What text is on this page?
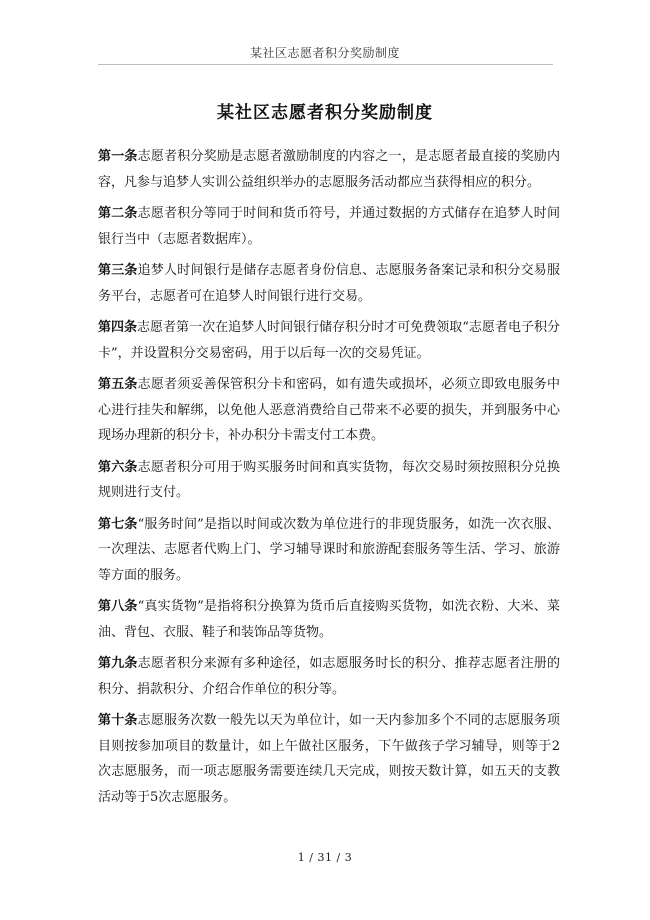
某社区志愿者积分奖励制度
某社区志愿者积分奖励制度

第一条志愿者积分奖励是志愿者激励制度的内容之一，是志愿者最直接的奖励内容，凡参与追梦人实训公益组织举办的志愿服务活动都应当获得相应的积分。

第二条志愿者积分等同于时间和货币符号，并通过数据的方式储存在追梦人时间银行当中（志愿者数据库）。

第三条追梦人时间银行是储存志愿者身份信息、志愿服务备案记录和积分交易服务平台，志愿者可在追梦人时间银行进行交易。

第四条志愿者第一次在追梦人时间银行储存积分时才可免费领取“志愿者电子积分卡”，并设置积分交易密码，用于以后每一次的交易凭证。

第五条志愿者须妥善保管积分卡和密码，如有遗失或损坏，必须立即致电服务中心进行挂失和解绑，以免他人恶意消费给自己带来不必要的损失，并到服务中心现场办理新的积分卡，补办积分卡需支付工本费。

第六条志愿者积分可用于购买服务时间和真实货物，每次交易时须按照积分兑换规则进行支付。

第七条“服务时间”是指以时间或次数为单位进行的非现货服务，如洗一次衣服、一次理法、志愿者代购上门、学习辅导课时和旅游配套服务等生活、学习、旅游等方面的服务。

第八条“真实货物”是指将积分换算为货币后直接购买货物，如洗衣粉、大米、菜油、背包、衣服、鞋子和装饰品等货物。

第九条志愿者积分来源有多种途径，如志愿服务时长的积分、推荐志愿者注册的积分、捐款积分、介绍合作单位的积分等。

第十条志愿服务次数一般先以天为单位计，如一天内参加多个不同的志愿服务项目则按参加项目的数量计，如上午做社区服务，下午做孩子学习辅导，则等于2次志愿服务，而一项志愿服务需要连续几天完成，则按天数计算，如五天的支教活动等于5次志愿服务。

1 / 31 / 3
